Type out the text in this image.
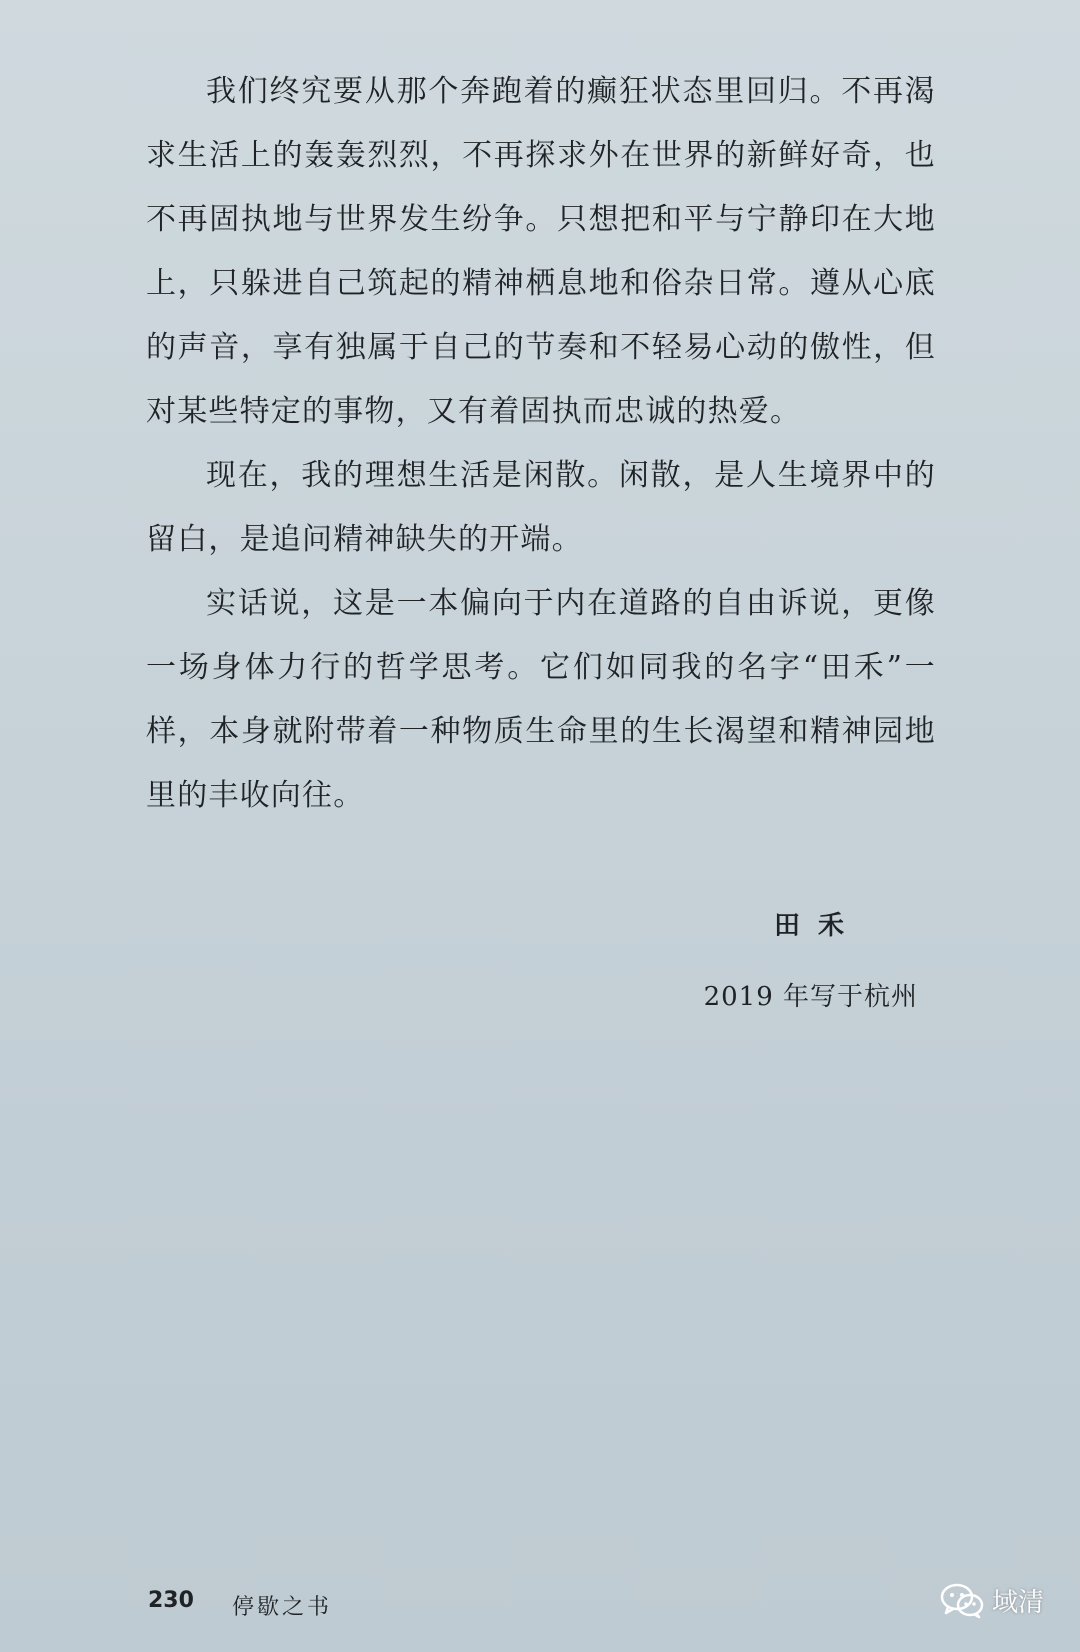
我们终究要从那个奔跑着的癫狂状态里回归。不再渴求生活上的轰轰烈烈，不再探求外在世界的新鲜好奇，也不再固执地与世界发生纷争。只想把和平与宁静印在大地上，只躲进自己筑起的精神栖息地和俗杂日常。遵从心底的声音，享有独属于自己的节奏和不轻易心动的傲性，但对某些特定的事物，又有着固执而忠诚的热爱。

现在，我的理想生活是闲散。闲散，是人生境界中的留白，是追问精神缺失的开端。

实话说，这是一本偏向于内在道路的自由诉说，更像一场身体力行的哲学思考。它们如同我的名字“田禾”一样，本身就附带着一种物质生命里的生长渴望和精神园地里的丰收向往。

田禾
2019 年写于杭州
230 停歇之书	域清
